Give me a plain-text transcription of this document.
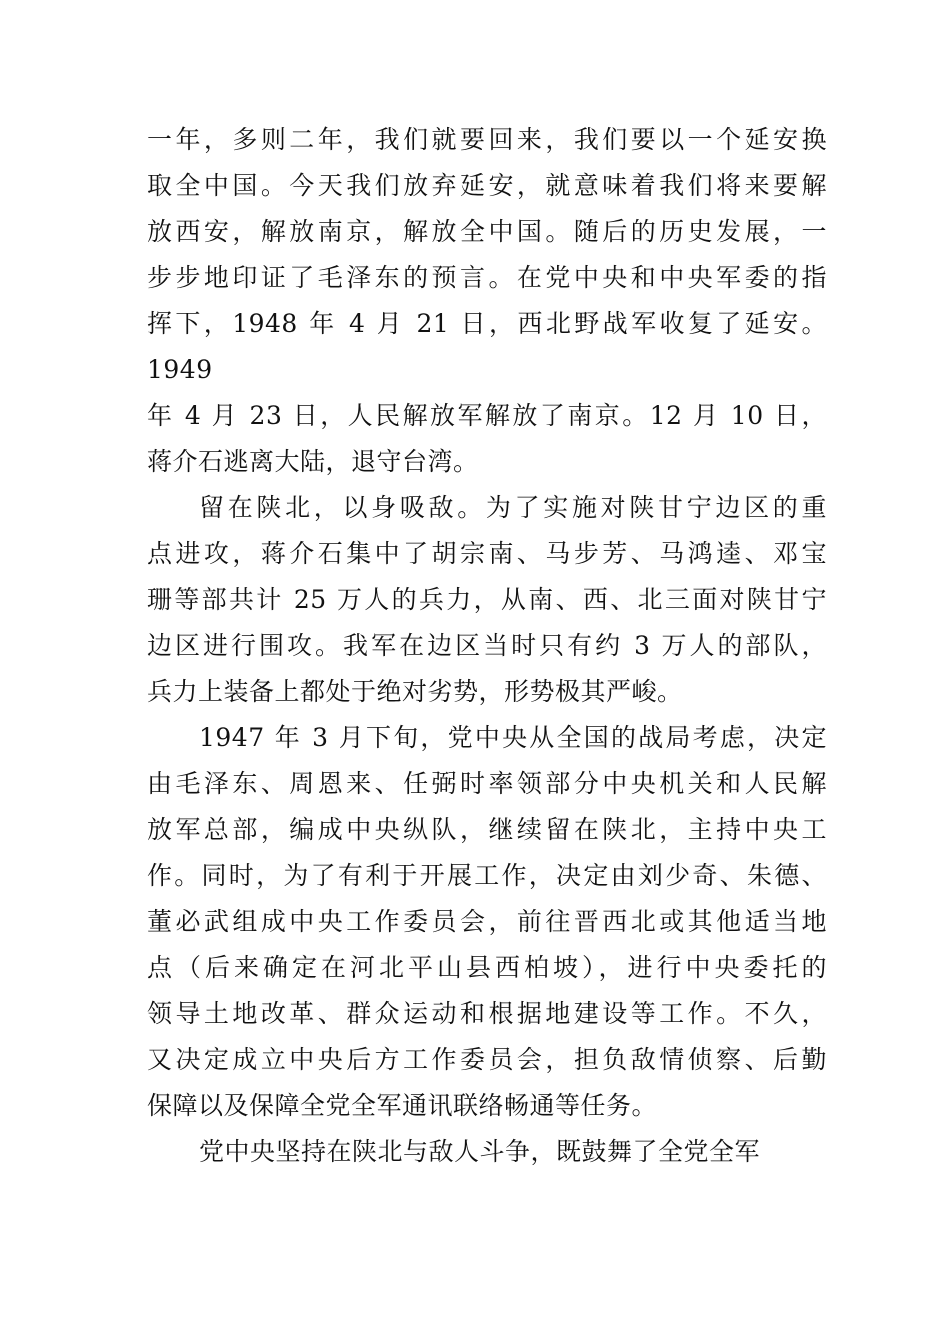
一年，多则二年，我们就要回来，我们要以一个延安换
取全中国。今天我们放弃延安，就意味着我们将来要解
放西安，解放南京，解放全中国。随后的历史发展，一
步步地印证了毛泽东的预言。在党中央和中央军委的指
挥下，1948 年 4 月 21 日，西北野战军收复了延安。
1949
年 4 月 23 日，人民解放军解放了南京。12 月 10 日，
蒋介石逃离大陆，退守台湾。
留在陕北，以身吸敌。为了实施对陕甘宁边区的重
点进攻，蒋介石集中了胡宗南、马步芳、马鸿逵、邓宝
珊等部共计 25 万人的兵力，从南、西、北三面对陕甘宁
边区进行围攻。我军在边区当时只有约 3 万人的部队，
兵力上装备上都处于绝对劣势，形势极其严峻。
1947 年 3 月下旬，党中央从全国的战局考虑，决定
由毛泽东、周恩来、任弼时率领部分中央机关和人民解
放军总部，编成中央纵队，继续留在陕北，主持中央工
作。同时，为了有利于开展工作，决定由刘少奇、朱德、
董必武组成中央工作委员会，前往晋西北或其他适当地
点（后来确定在河北平山县西柏坡），进行中央委托的
领导土地改革、群众运动和根据地建设等工作。不久，
又决定成立中央后方工作委员会，担负敌情侦察、后勤
保障以及保障全党全军通讯联络畅通等任务。
党中央坚持在陕北与敌人斗争，既鼓舞了全党全军
